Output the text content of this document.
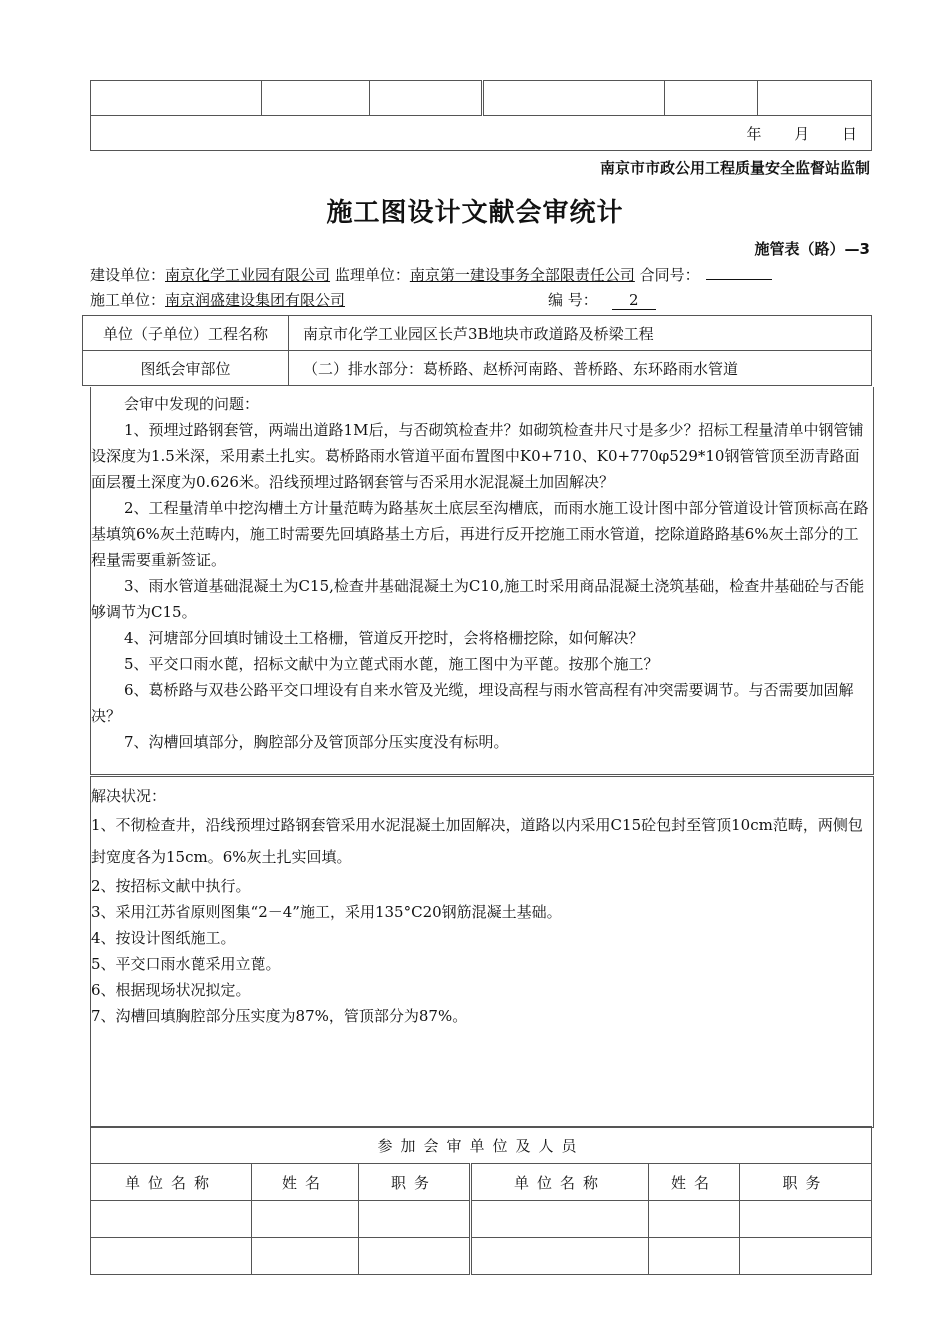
年 月 日
南京市市政公用工程质量安全监督站监制
施工图设计文献会审统计
施管表（路）—3
建设单位：南京化学工业园有限公司 监理单位：南京第一建设事务全部限责任公司 合同号：
施工单位：南京润盛建设集团有限公司	编 号： 2
单位（子单位）工程名称	南京市化学工业园区长芦3B地块市政道路及桥梁工程
图纸会审部位	（二）排水部分：葛桥路、赵桥河南路、普桥路、东环路雨水管道

会审中发现的问题：

1、预埋过路钢套管，两端出道路1M后，与否砌筑检查井？如砌筑检查井尺寸是多少？招标工程量清单中钢管铺设深度为1.5米深，采用素土扎实。葛桥路雨水管道平面布置图中K0+710、K0+770φ529*10钢管管顶至沥青路面面层覆土深度为0.626米。沿线预埋过路钢套管与否采用水泥混凝土加固解决？

2、工程量清单中挖沟槽土方计量范畴为路基灰土底层至沟槽底，而雨水施工设计图中部分管道设计管顶标高在路基填筑6%灰土范畴内，施工时需要先回填路基土方后，再进行反开挖施工雨水管道，挖除道路路基6%灰土部分的工程量需要重新签证。

3、雨水管道基础混凝土为C15,检查井基础混凝土为C10,施工时采用商品混凝土浇筑基础，检查井基础砼与否能够调节为C15。

4、河塘部分回填时铺设土工格栅，管道反开挖时，会将格栅挖除，如何解决？

5、平交口雨水蓖，招标文献中为立蓖式雨水蓖，施工图中为平蓖。按那个施工？

6、葛桥路与双巷公路平交口埋设有自来水管及光缆，埋设高程与雨水管高程有冲突需要调节。与否需要加固解决？

7、沟槽回填部分，胸腔部分及管顶部分压实度没有标明。

解决状况：

1、不彻检查井，沿线预埋过路钢套管采用水泥混凝土加固解决，道路以内采用C15砼包封至管顶10cm范畴，两侧包封宽度各为15cm。6%灰土扎实回填。

2、按招标文献中执行。

3、采用江苏省原则图集“2－4”施工，采用135°C20钢筋混凝土基础。

4、按设计图纸施工。

5、平交口雨水蓖采用立蓖。

6、根据现场状况拟定。

7、沟槽回填胸腔部分压实度为87%，管顶部分为87%。

参加会审单位及人员					
单位名称	姓名	职务	单位名称	姓名	职务
